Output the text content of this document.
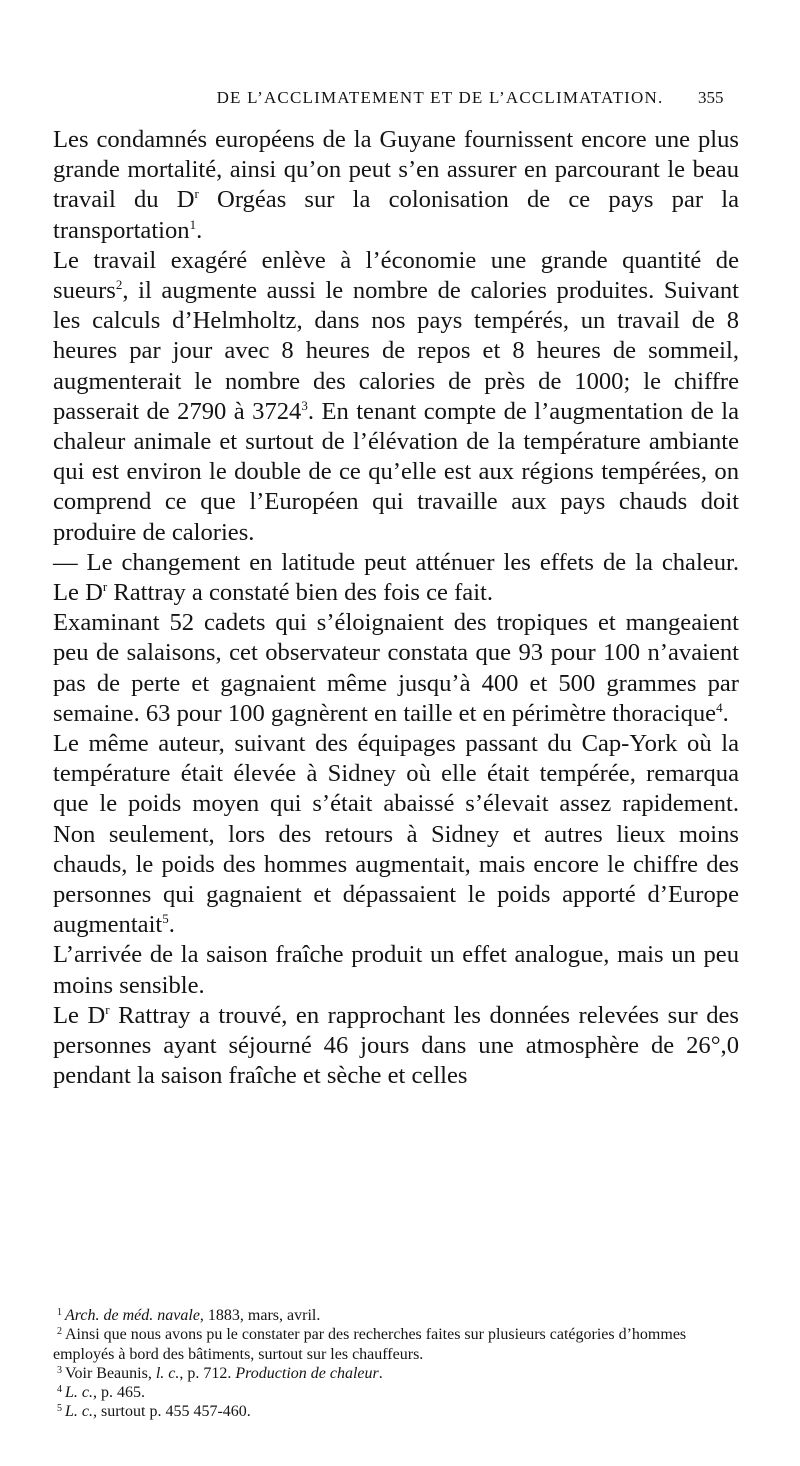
DE L’ACCLIMATEMENT ET DE L’ACCLIMATATION.	355

Les condamnés européens de la Guyane fournissent encore une plus grande mortalité, ainsi qu’on peut s’en assurer en parcourant le beau travail du $D^r$ Orgéas sur la colonisation de ce pays par la transportation$^1$.

Le travail exagéré enlève à l’économie une grande quantité de sueurs$^2$, il augmente aussi le nombre de calories produites. Suivant les calculs d’Helmholtz, dans nos pays tempérés, un travail de 8 heures par jour avec 8 heures de repos et 8 heures de sommeil, augmenterait le nombre des calories de près de 1000; le chiffre passerait de 2790 à 3724$^3$. En tenant compte de l’augmentation de la chaleur animale et surtout de l’élévation de la température ambiante qui est environ le double de ce qu’elle est aux régions tempérées, on comprend ce que l’Européen qui travaille aux pays chauds doit produire de calories.

— Le changement en latitude peut atténuer les effets de la chaleur. Le $D^r$ Rattray a constaté bien des fois ce fait.

Examinant 52 cadets qui s’éloignaient des tropiques et mangeaient peu de salaisons, cet observateur constata que 93 pour 100 n’avaient pas de perte et gagnaient même jusqu’à 400 et 500 grammes par semaine. 63 pour 100 gagnèrent en taille et en périmètre thoracique$^4$.

Le même auteur, suivant des équipages passant du Cap-York où la température était élevée à Sidney où elle était tempérée, remarqua que le poids moyen qui s’était abaissé s’élevait assez rapidement. Non seulement, lors des retours à Sidney et autres lieux moins chauds, le poids des hommes augmentait, mais encore le chiffre des personnes qui gagnaient et dépassaient le poids apporté d’Europe augmentait$^5$.

L’arrivée de la saison fraîche produit un effet analogue, mais un peu moins sensible.

Le $D^r$ Rattray a trouvé, en rapprochant les données relevées sur des personnes ayant séjourné 46 jours dans une atmosphère de 26°,0 pendant la saison fraîche et sèche et celles

$^1$ Arch. de méd. navale, 1883, mars, avril.
$^2$ Ainsi que nous avons pu le constater par des recherches faites sur plusieurs catégories d’hommes employés à bord des bâtiments, surtout sur les chauffeurs.
$^3$ Voir Beaunis, l. c., p. 712. Production de chaleur.
$^4$ L. c., p. 465.
$^5$ L. c., surtout p. 455 457-460.
